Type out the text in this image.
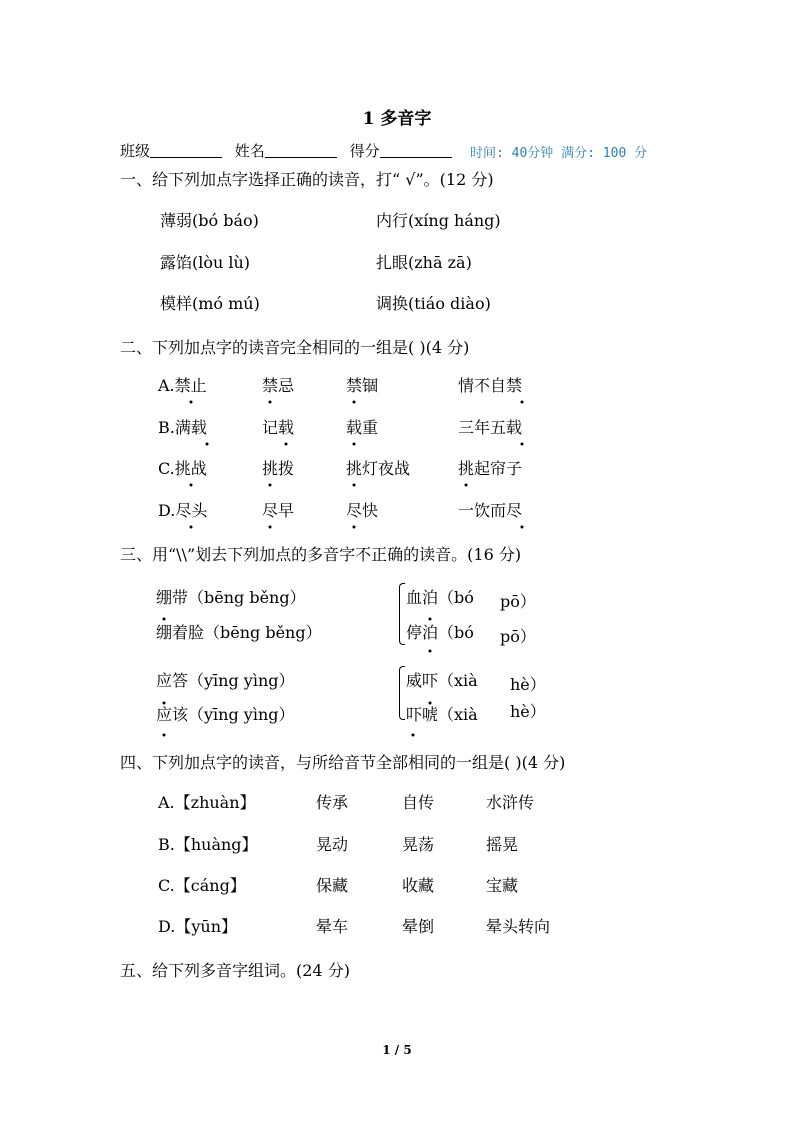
1 多音字
班级	姓名	得分	时间: 40分钟 满分: 100 分
一、给下列加点字选择正确的读音，打“ √”。(12 分)
薄弱(bó báo)	内行(xíng háng)
露馅(lòu lù)	扎眼(zhā zā)
模样(mó mú)	调换(tiáo diào)
二、下列加点字的读音完全相同的一组是( )(4 分)
A.禁止	禁忌	禁锢	情不自禁
B.满载	记载	载重	三年五载
C.挑战	挑拨	挑灯夜战	挑起帘子
D.尽头	尽早	尽快	一饮而尽
三、用“\\”划去下列加点的多音字不正确的读音。(16 分)
绷带（bēng běng）
绷着脸（bēng běng）
血泊（bó pō）
停泊（bó pō）
应答（yīng yìng）
应该（yīng yìng）
威吓（xià hè）
吓唬（xià hè）
四、下列加点字的读音，与所给音节全部相同的一组是( )(4 分)
A.【zhuàn】	传承	自传	水浒传
B.【huàng】	晃动	晃荡	摇晃
C.【cáng】	保藏	收藏	宝藏
D.【yūn】	晕车	晕倒	晕头转向
五、给下列多音字组词。(24 分)
1 / 5
